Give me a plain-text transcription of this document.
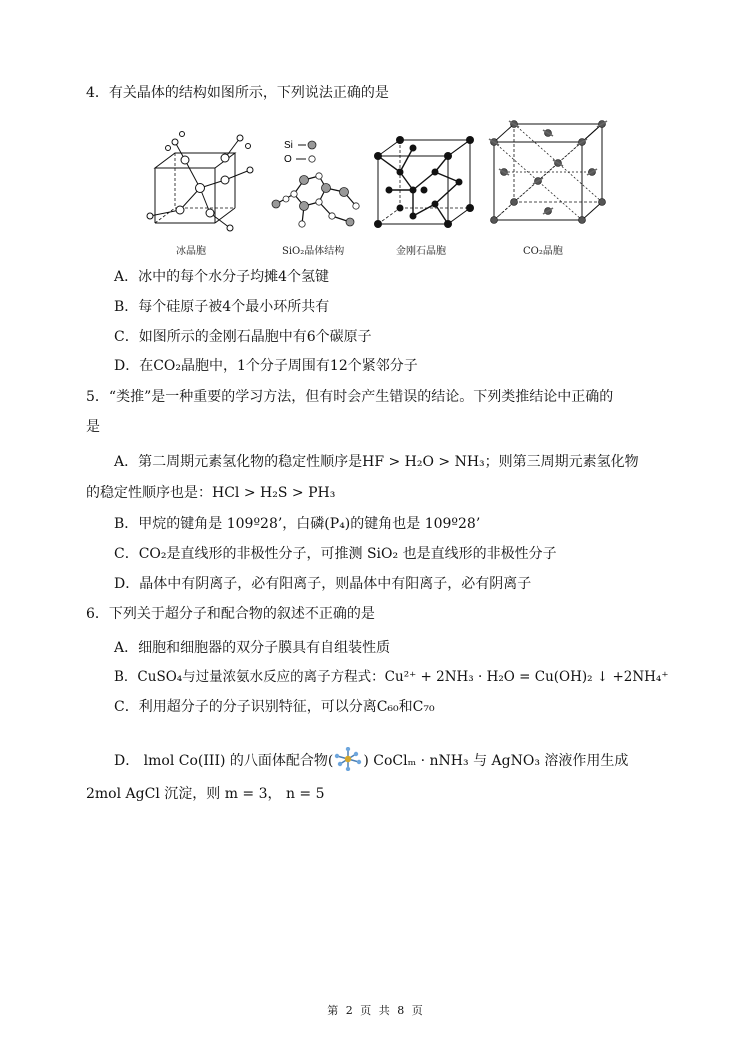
4．有关晶体的结构如图所示，下列说法正确的是
冰晶胞
Si
O
SiO₂晶体结构	金刚石晶胞	CO₂晶胞
A．冰中的每个水分子均摊4个氢键
B．每个硅原子被4个最小环所共有
C．如图所示的金刚石晶胞中有6个碳原子
D．在CO₂晶胞中，1个分子周围有12个紧邻分子
5．“类推”是一种重要的学习方法，但有时会产生错误的结论。下列类推结论中正确的
是
A．第二周期元素氢化物的稳定性顺序是HF > H₂O > NH₃；则第三周期元素氢化物
的稳定性顺序也是：HCl > H₂S > PH₃
B．甲烷的键角是 109º28’，白磷(P₄)的键角也是 109º28’
C．CO₂是直线形的非极性分子，可推测 SiO₂ 也是直线形的非极性分子
D．晶体中有阴离子，必有阳离子，则晶体中有阳离子，必有阴离子
6．下列关于超分子和配合物的叙述不正确的是
A．细胞和细胞器的双分子膜具有自组装性质
B．CuSO₄与过量浓氨水反应的离子方程式：Cu²⁺ + 2NH₃ · H₂O = Cu(OH)₂ ↓ +2NH₄⁺
C．利用超分子的分子识别特征，可以分离C₆₀和C₇₀
D． lmol Co(III) 的八面体配合物( ) CoClₘ · nNH₃ 与 AgNO₃ 溶液作用生成
2mol AgCl 沉淀，则 m = 3， n = 5
第 2 页 共 8 页
